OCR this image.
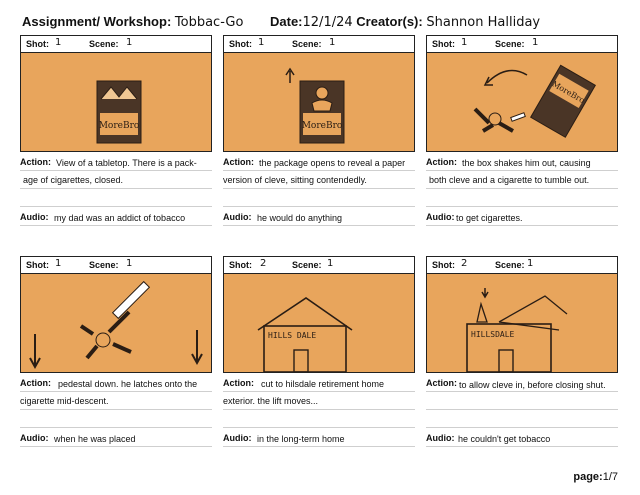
Assignment/ Workshop: Tobbac-Go Date:12/1/24 Creator(s): Shannon Halliday
Shot: 1	Scene: 1
MoreBro
Action: View of a tabletop. There is a pack-
age of cigarettes, closed.
Audio: my dad was an addict of tobacco
Shot: 1	Scene: 1
MoreBro
Action: the package opens to reveal a paper
version of cleve, sitting contendedly.
Audio: he would do anything
Shot: 1	Scene: 1
MoreBro
Action: the box shakes him out, causing
both cleve and a cigarette to tumble out.
Audio: to get cigarettes.
Shot: 1	Scene: 1
Action: pedestal down. he latches onto the
cigarette mid-descent.
Audio: when he was placed
Shot: 2	Scene: 1
HILLS DALE
Action: cut to hilsdale retirement home
exterior. the lift moves...
Audio: in the long-term home
Shot: 2	Scene: 1
HILLSDALE
Action: to allow cleve in, before closing shut.
Audio: he couldn't get tobacco
page:1/7
